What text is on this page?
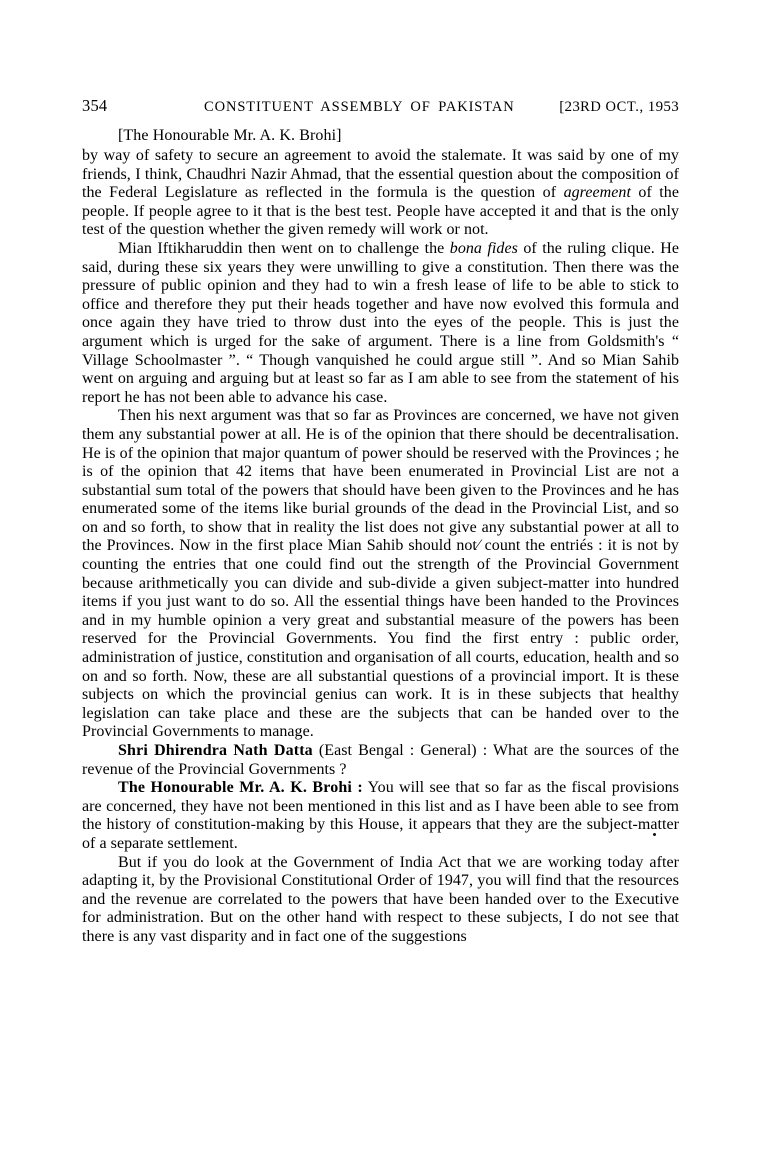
354	CONSTITUENT ASSEMBLY OF PAKISTAN	[23RD OCT., 1953
[The Honourable Mr. A. K. Brohi]

by way of safety to secure an agreement to avoid the stalemate. It was said by one of my friends, I think, Chaudhri Nazir Ahmad, that the essential question about the composition of the Federal Legislature as reflected in the formula is the question of agreement of the people. If people agree to it that is the best test. People have accepted it and that is the only test of the question whether the given remedy will work or not.

Mian Iftikharuddin then went on to challenge the bona fides of the ruling clique. He said, during these six years they were unwilling to give a constitution. Then there was the pressure of public opinion and they had to win a fresh lease of life to be able to stick to office and therefore they put their heads together and have now evolved this formula and once again they have tried to throw dust into the eyes of the people. This is just the argument which is urged for the sake of argument. There is a line from Goldsmith's “ Village Schoolmaster ”. “ Though vanquished he could argue still ”. And so Mian Sahib went on arguing and arguing but at least so far as I am able to see from the statement of his report he has not been able to advance his case.

Then his next argument was that so far as Provinces are concerned, we have not given them any substantial power at all. He is of the opinion that there should be decentralisation. He is of the opinion that major quantum of power should be reserved with the Provinces ; he is of the opinion that 42 items that have been enumerated in Provincial List are not a substantial sum total of the powers that should have been given to the Provinces and he has enumerated some of the items like burial grounds of the dead in the Provincial List, and so on and so forth, to show that in reality the list does not give any substantial power at all to the Provinces. Now in the first place Mian Sahib should not⁄ count the entriés : it is not by counting the entries that one could find out the strength of the Provincial Government because arithmetically you can divide and sub-divide a given subject-matter into hundred items if you just want to do so. All the essential things have been handed to the Provinces and in my humble opinion a very great and substantial measure of the powers has been reserved for the Provincial Governments. You find the first entry : public order, administration of justice, constitution and organisation of all courts, education, health and so on and so forth. Now, these are all substantial questions of a provincial import. It is these subjects on which the provincial genius can work. It is in these subjects that healthy legislation can take place and these are the subjects that can be handed over to the Provincial Governments to manage.

Shri Dhirendra Nath Datta (East Bengal : General) : What are the sources of the revenue of the Provincial Governments ?

The Honourable Mr. A. K. Brohi : You will see that so far as the fiscal provisions are concerned, they have not been mentioned in this list and as I have been able to see from the history of constitution-making by this House, it appears that they are the subject-matter of a separate settlement.

But if you do look at the Government of India Act that we are working today after adapting it, by the Provisional Constitutional Order of 1947, you will find that the resources and the revenue are correlated to the powers that have been handed over to the Executive for administration. But on the other hand with respect to these subjects, I do not see that there is any vast disparity and in fact one of the suggestions
